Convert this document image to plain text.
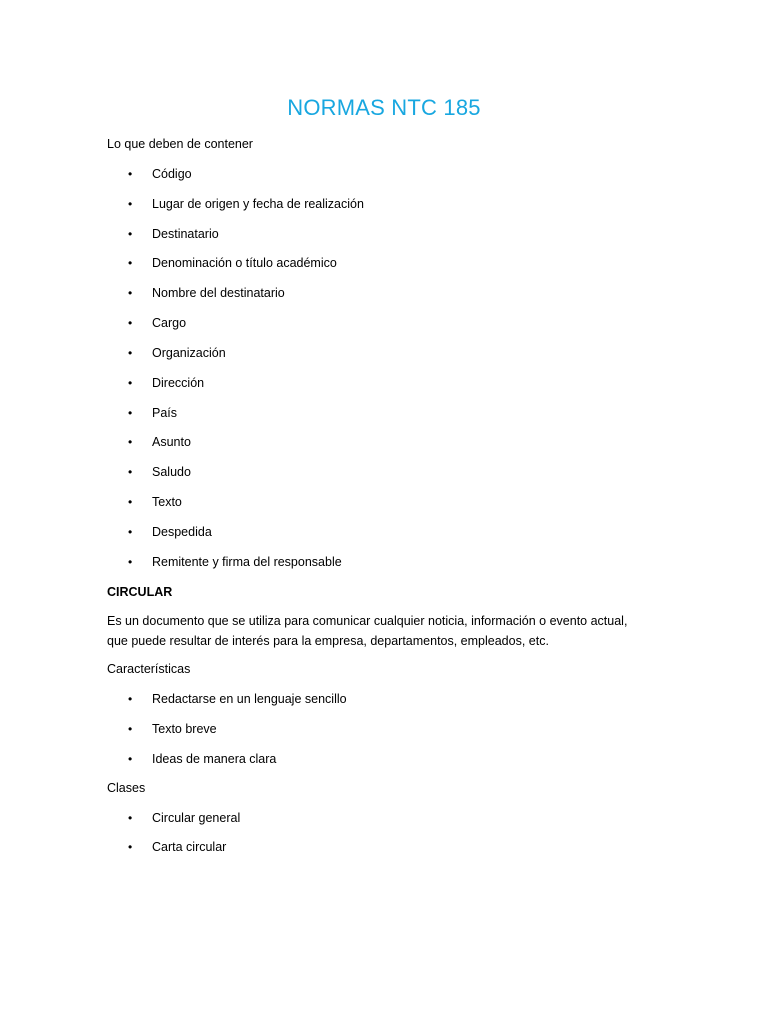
NORMAS NTC 185
Lo que deben de contener
•	Código
•	Lugar de origen y fecha de realización
•	Destinatario
•	Denominación o título académico
•	Nombre del destinatario
•	Cargo
•	Organización
•	Dirección
•	País
•	Asunto
•	Saludo
•	Texto
•	Despedida
•	Remitente y firma del responsable
CIRCULAR
Es un documento que se utiliza para comunicar cualquier noticia, información o evento actual,
que puede resultar de interés para la empresa, departamentos, empleados, etc.
Características
•	Redactarse en un lenguaje sencillo
•	Texto breve
•	Ideas de manera clara
Clases
•	Circular general
•	Carta circular
